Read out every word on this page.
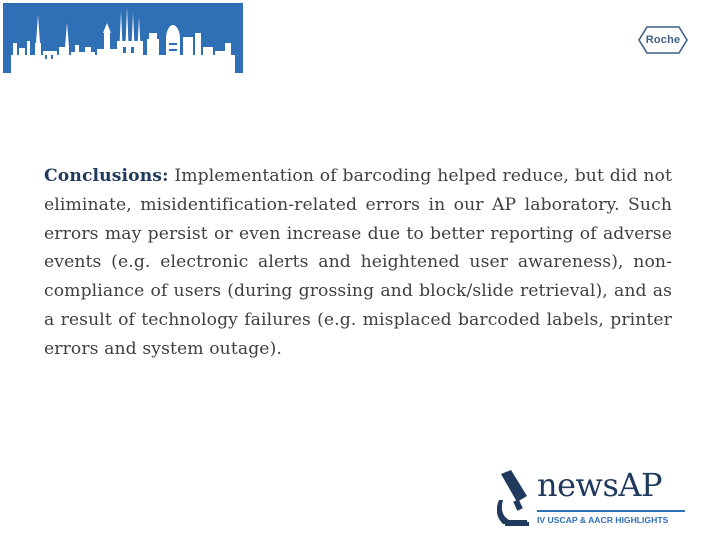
Roche
Conclusions: Implementation of barcoding helped reduce, but did not eliminate, misidentification-related errors in our AP laboratory. Such errors may persist or even increase due to better reporting of adverse events (e.g. electronic alerts and heightened user awareness), non-compliance of users (during grossing and block/slide retrieval), and as a result of technology failures (e.g. misplaced barcoded labels, printer errors and system outage).
newsAP
IV USCAP & AACR HIGHLIGHTS
